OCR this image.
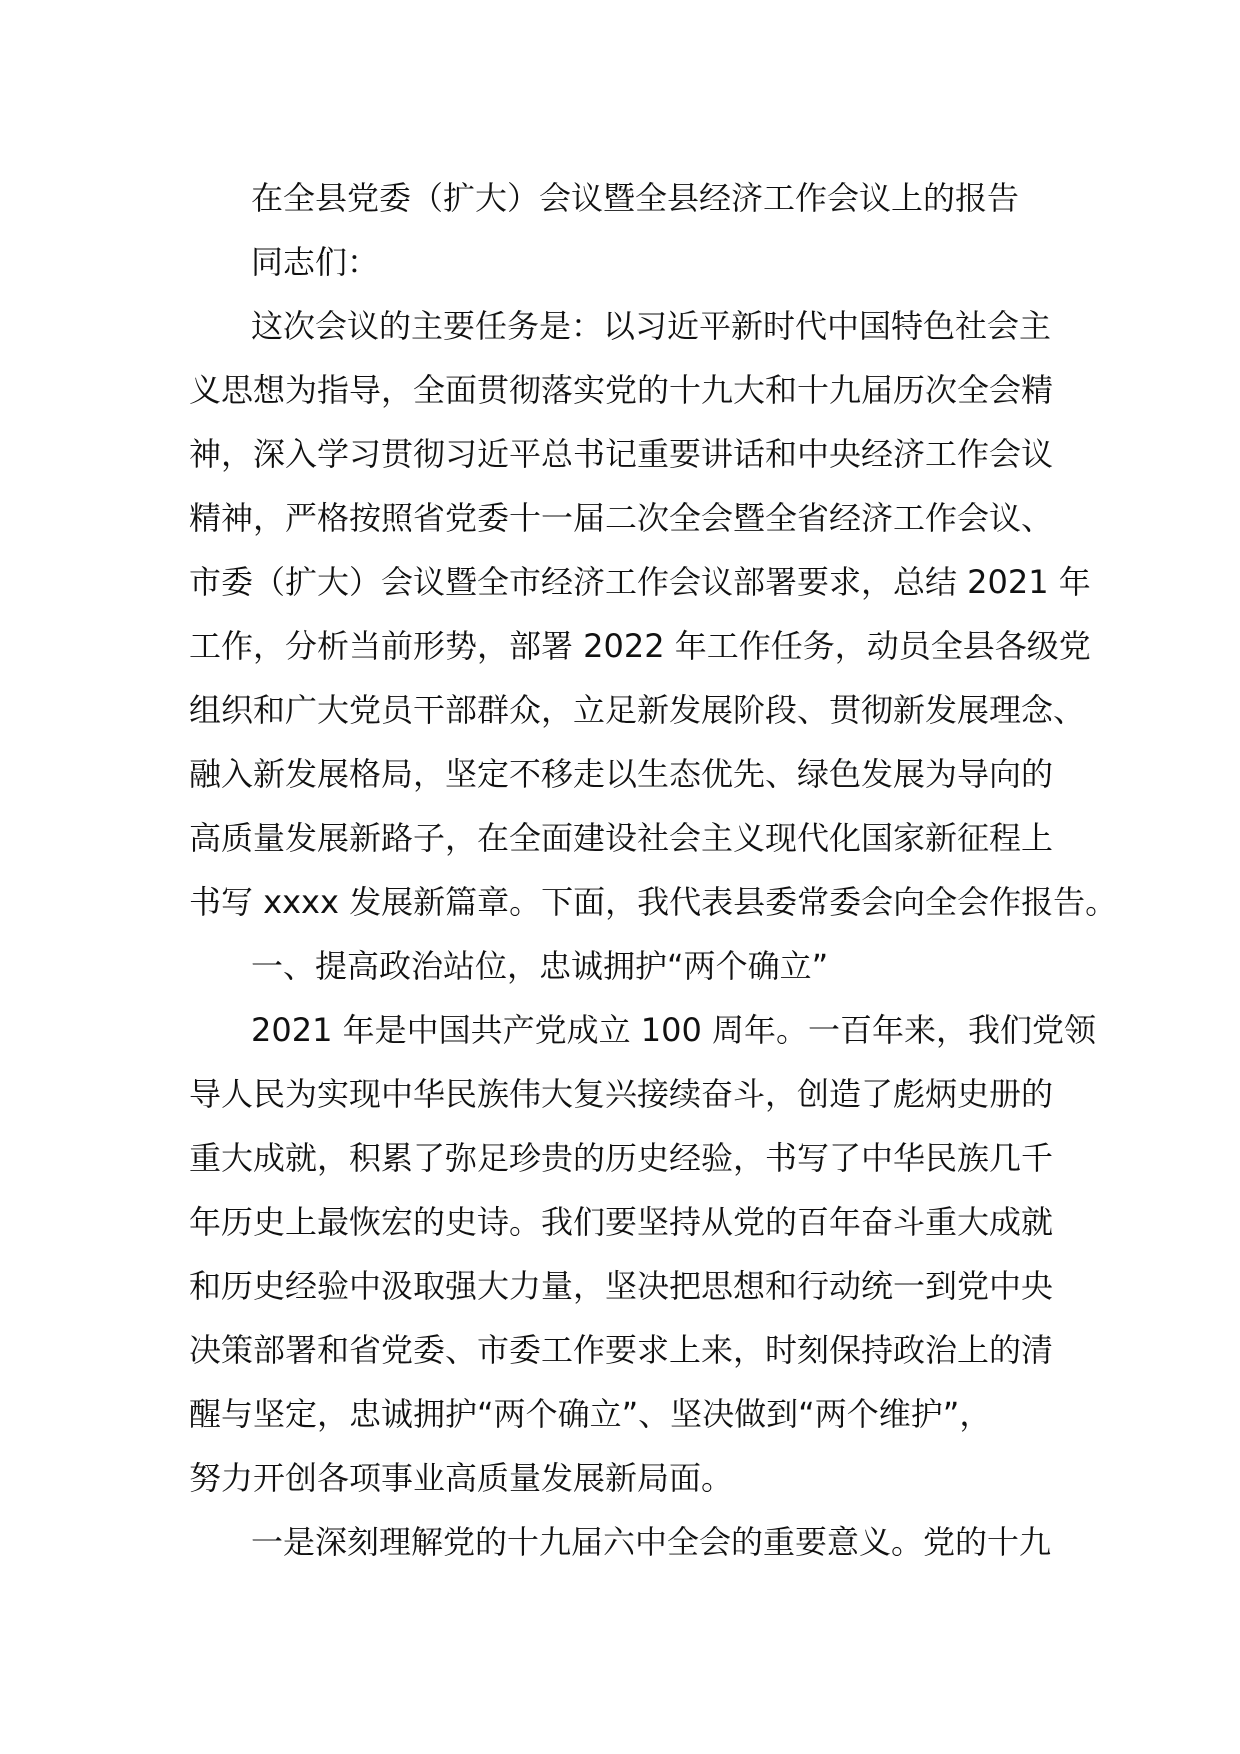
在全县党委（扩大）会议暨全县经济工作会议上的报告
同志们：
这次会议的主要任务是：以习近平新时代中国特色社会主
义思想为指导，全面贯彻落实党的十九大和十九届历次全会精
神，深入学习贯彻习近平总书记重要讲话和中央经济工作会议
精神，严格按照省党委十一届二次全会暨全省经济工作会议、
市委（扩大）会议暨全市经济工作会议部署要求，总结 2021 年
工作，分析当前形势，部署 2022 年工作任务，动员全县各级党
组织和广大党员干部群众，立足新发展阶段、贯彻新发展理念、
融入新发展格局，坚定不移走以生态优先、绿色发展为导向的
高质量发展新路子，在全面建设社会主义现代化国家新征程上
书写 xxxx 发展新篇章。下面，我代表县委常委会向全会作报告。
一、提高政治站位，忠诚拥护“两个确立”
2021 年是中国共产党成立 100 周年。一百年来，我们党领
导人民为实现中华民族伟大复兴接续奋斗，创造了彪炳史册的
重大成就，积累了弥足珍贵的历史经验，书写了中华民族几千
年历史上最恢宏的史诗。我们要坚持从党的百年奋斗重大成就
和历史经验中汲取强大力量，坚决把思想和行动统一到党中央
决策部署和省党委、市委工作要求上来，时刻保持政治上的清
醒与坚定，忠诚拥护“两个确立”、坚决做到“两个维护”，
努力开创各项事业高质量发展新局面。
一是深刻理解党的十九届六中全会的重要意义。党的十九
